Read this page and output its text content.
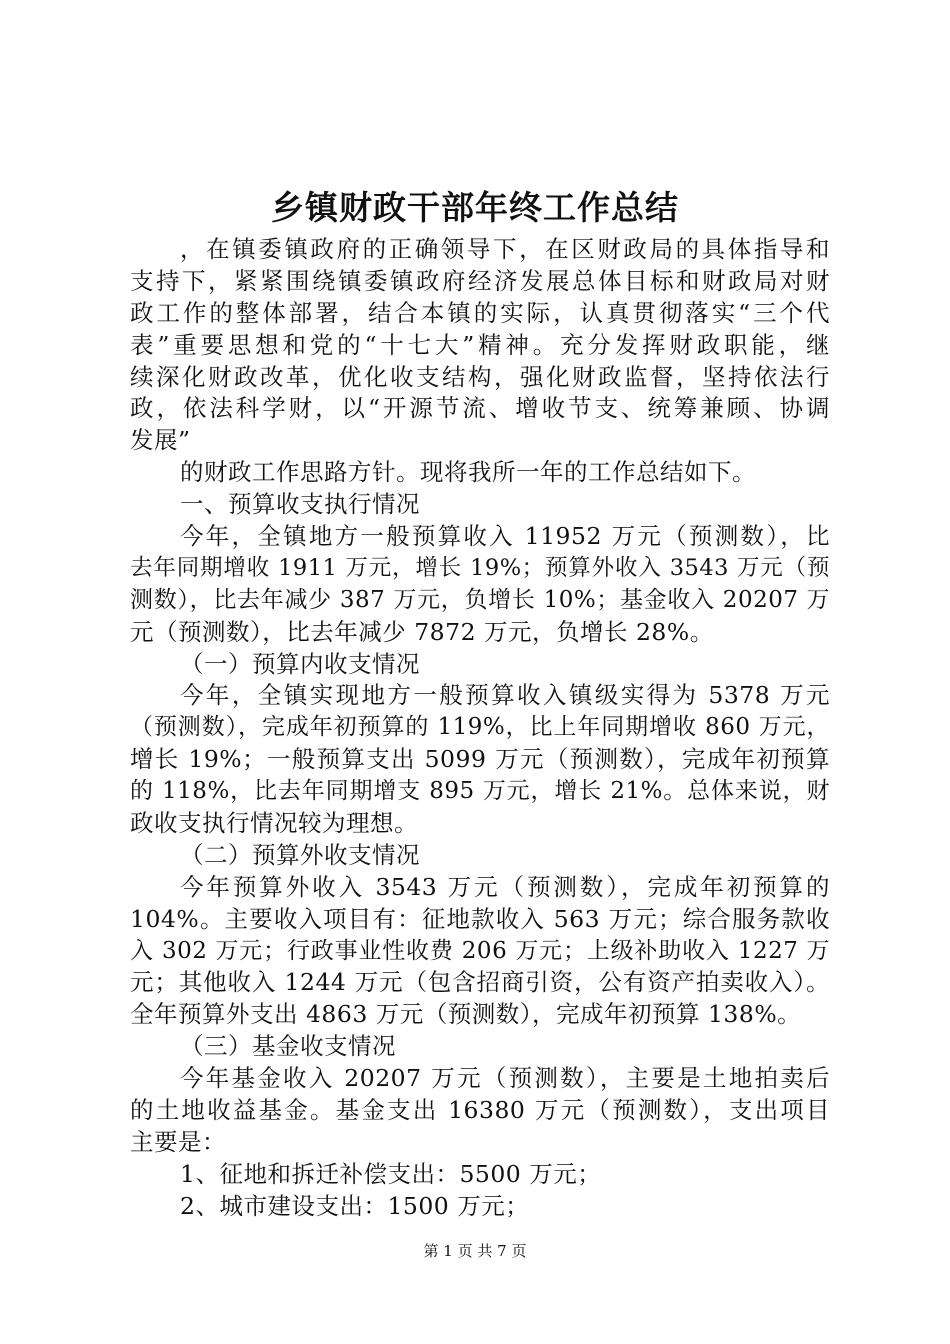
乡镇财政干部年终工作总结
，在镇委镇政府的正确领导下，在区财政局的具体指导和
支持下，紧紧围绕镇委镇政府经济发展总体目标和财政局对财
政工作的整体部署，结合本镇的实际，认真贯彻落实“三个代
表”重要思想和党的“十七大”精神。充分发挥财政职能，继
续深化财政改革，优化收支结构，强化财政监督，坚持依法行
政，依法科学财，以“开源节流、增收节支、统筹兼顾、协调
发展”
的财政工作思路方针。现将我所一年的工作总结如下。
一、预算收支执行情况
今年，全镇地方一般预算收入 11952 万元（预测数），比
去年同期增收 1911 万元，增长 19%；预算外收入 3543 万元（预
测数），比去年减少 387 万元，负增长 10%；基金收入 20207 万
元（预测数），比去年减少 7872 万元，负增长 28%。
（一）预算内收支情况
今年，全镇实现地方一般预算收入镇级实得为 5378 万元
（预测数），完成年初预算的 119%，比上年同期增收 860 万元，
增长 19%；一般预算支出 5099 万元（预测数），完成年初预算
的 118%，比去年同期增支 895 万元，增长 21%。总体来说，财
政收支执行情况较为理想。
（二）预算外收支情况
今年预算外收入 3543 万元（预测数），完成年初预算的
104%。主要收入项目有：征地款收入 563 万元；综合服务款收
入 302 万元；行政事业性收费 206 万元；上级补助收入 1227 万
元；其他收入 1244 万元（包含招商引资，公有资产拍卖收入）。
全年预算外支出 4863 万元（预测数），完成年初预算 138%。
（三）基金收支情况
今年基金收入 20207 万元（预测数），主要是土地拍卖后
的土地收益基金。基金支出 16380 万元（预测数），支出项目
主要是：
1、征地和拆迁补偿支出：5500 万元；
2、城市建设支出：1500 万元；
第 1 页 共 7 页
